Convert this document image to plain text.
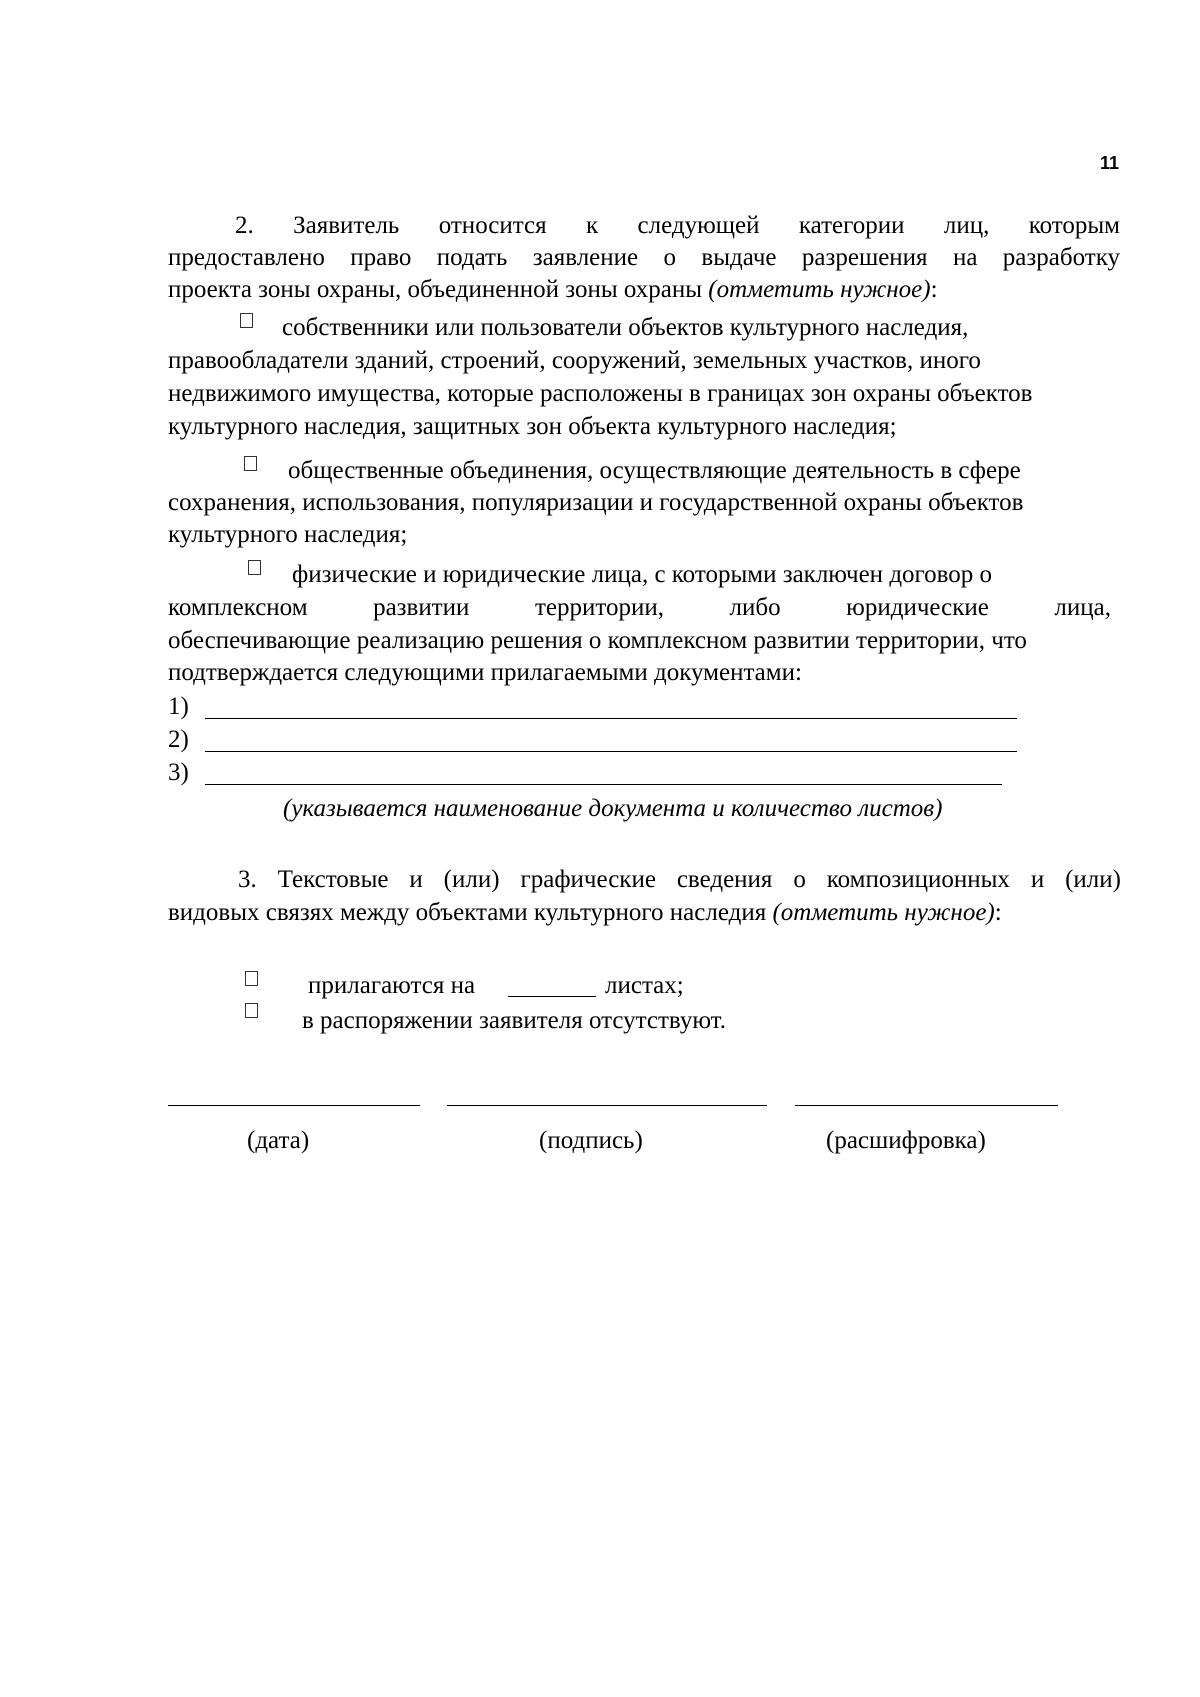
11
2. Заявитель относится к следующей категории лиц, которым
предоставлено право подать заявление о выдаче разрешения на разработку
проекта зоны охраны, объединенной зоны охраны (отметить нужное):
собственники или пользователи объектов культурного наследия,
правообладатели зданий, строений, сооружений, земельных участков, иного
недвижимого имущества, которые расположены в границах зон охраны объектов
культурного наследия, защитных зон объекта культурного наследия;
общественные объединения, осуществляющие деятельность в сфере
сохранения, использования, популяризации и государственной охраны объектов
культурного наследия;
физические и юридические лица, с которыми заключен договор о
комплексном развитии территории, либо юридические лица,
обеспечивающие реализацию решения о комплексном развитии территории, что
подтверждается следующими прилагаемыми документами:
1)
2)
3)
(указывается наименование документа и количество листов)
3. Текстовые и (или) графические сведения о композиционных и (или)
видовых связях между объектами культурного наследия (отметить нужное):
прилагаются на	листах;
в распоряжении заявителя отсутствуют.
(дата)	(подпись)	(расшифровка)
